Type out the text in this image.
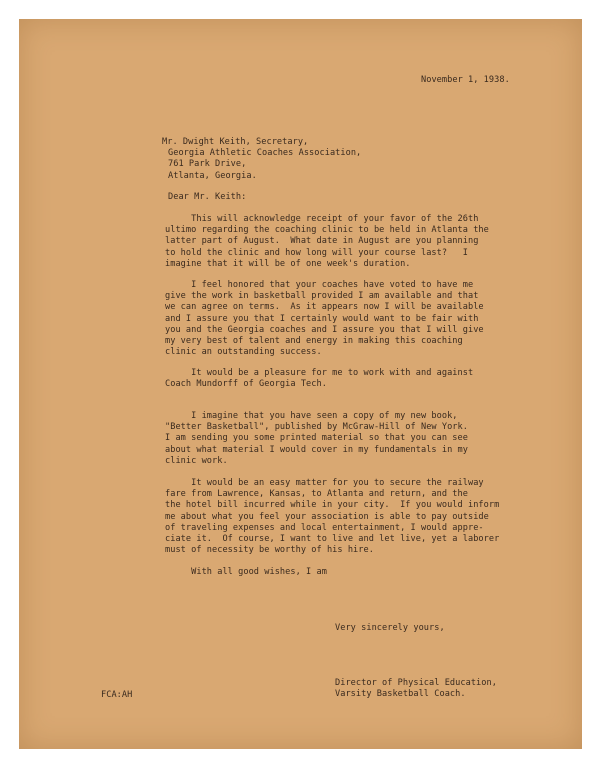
November 1, 1938.
Mr. Dwight Keith, Secretary,
Georgia Athletic Coaches Association,
761 Park Drive,
Atlanta, Georgia.
Dear Mr. Keith:
This will acknowledge receipt of your favor of the 26th
ultimo regarding the coaching clinic to be held in Atlanta the
latter part of August.  What date in August are you planning
to hold the clinic and how long will your course last?   I
imagine that it will be of one week's duration.
I feel honored that your coaches have voted to have me
give the work in basketball provided I am available and that
we can agree on terms.  As it appears now I will be available
and I assure you that I certainly would want to be fair with
you and the Georgia coaches and I assure you that I will give
my very best of talent and energy in making this coaching
clinic an outstanding success.
It would be a pleasure for me to work with and against
Coach Mundorff of Georgia Tech.
I imagine that you have seen a copy of my new book,
"Better Basketball", published by McGraw-Hill of New York.
I am sending you some printed material so that you can see
about what material I would cover in my fundamentals in my
clinic work.
It would be an easy matter for you to secure the railway
fare from Lawrence, Kansas, to Atlanta and return, and the
the hotel bill incurred while in your city.  If you would inform
me about what you feel your association is able to pay outside
of traveling expenses and local entertainment, I would appre-
ciate it.  Of course, I want to live and let live, yet a laborer
must of necessity be worthy of his hire.
With all good wishes, I am
Very sincerely yours,
Director of Physical Education,
Varsity Basketball Coach.
FCA:AH
